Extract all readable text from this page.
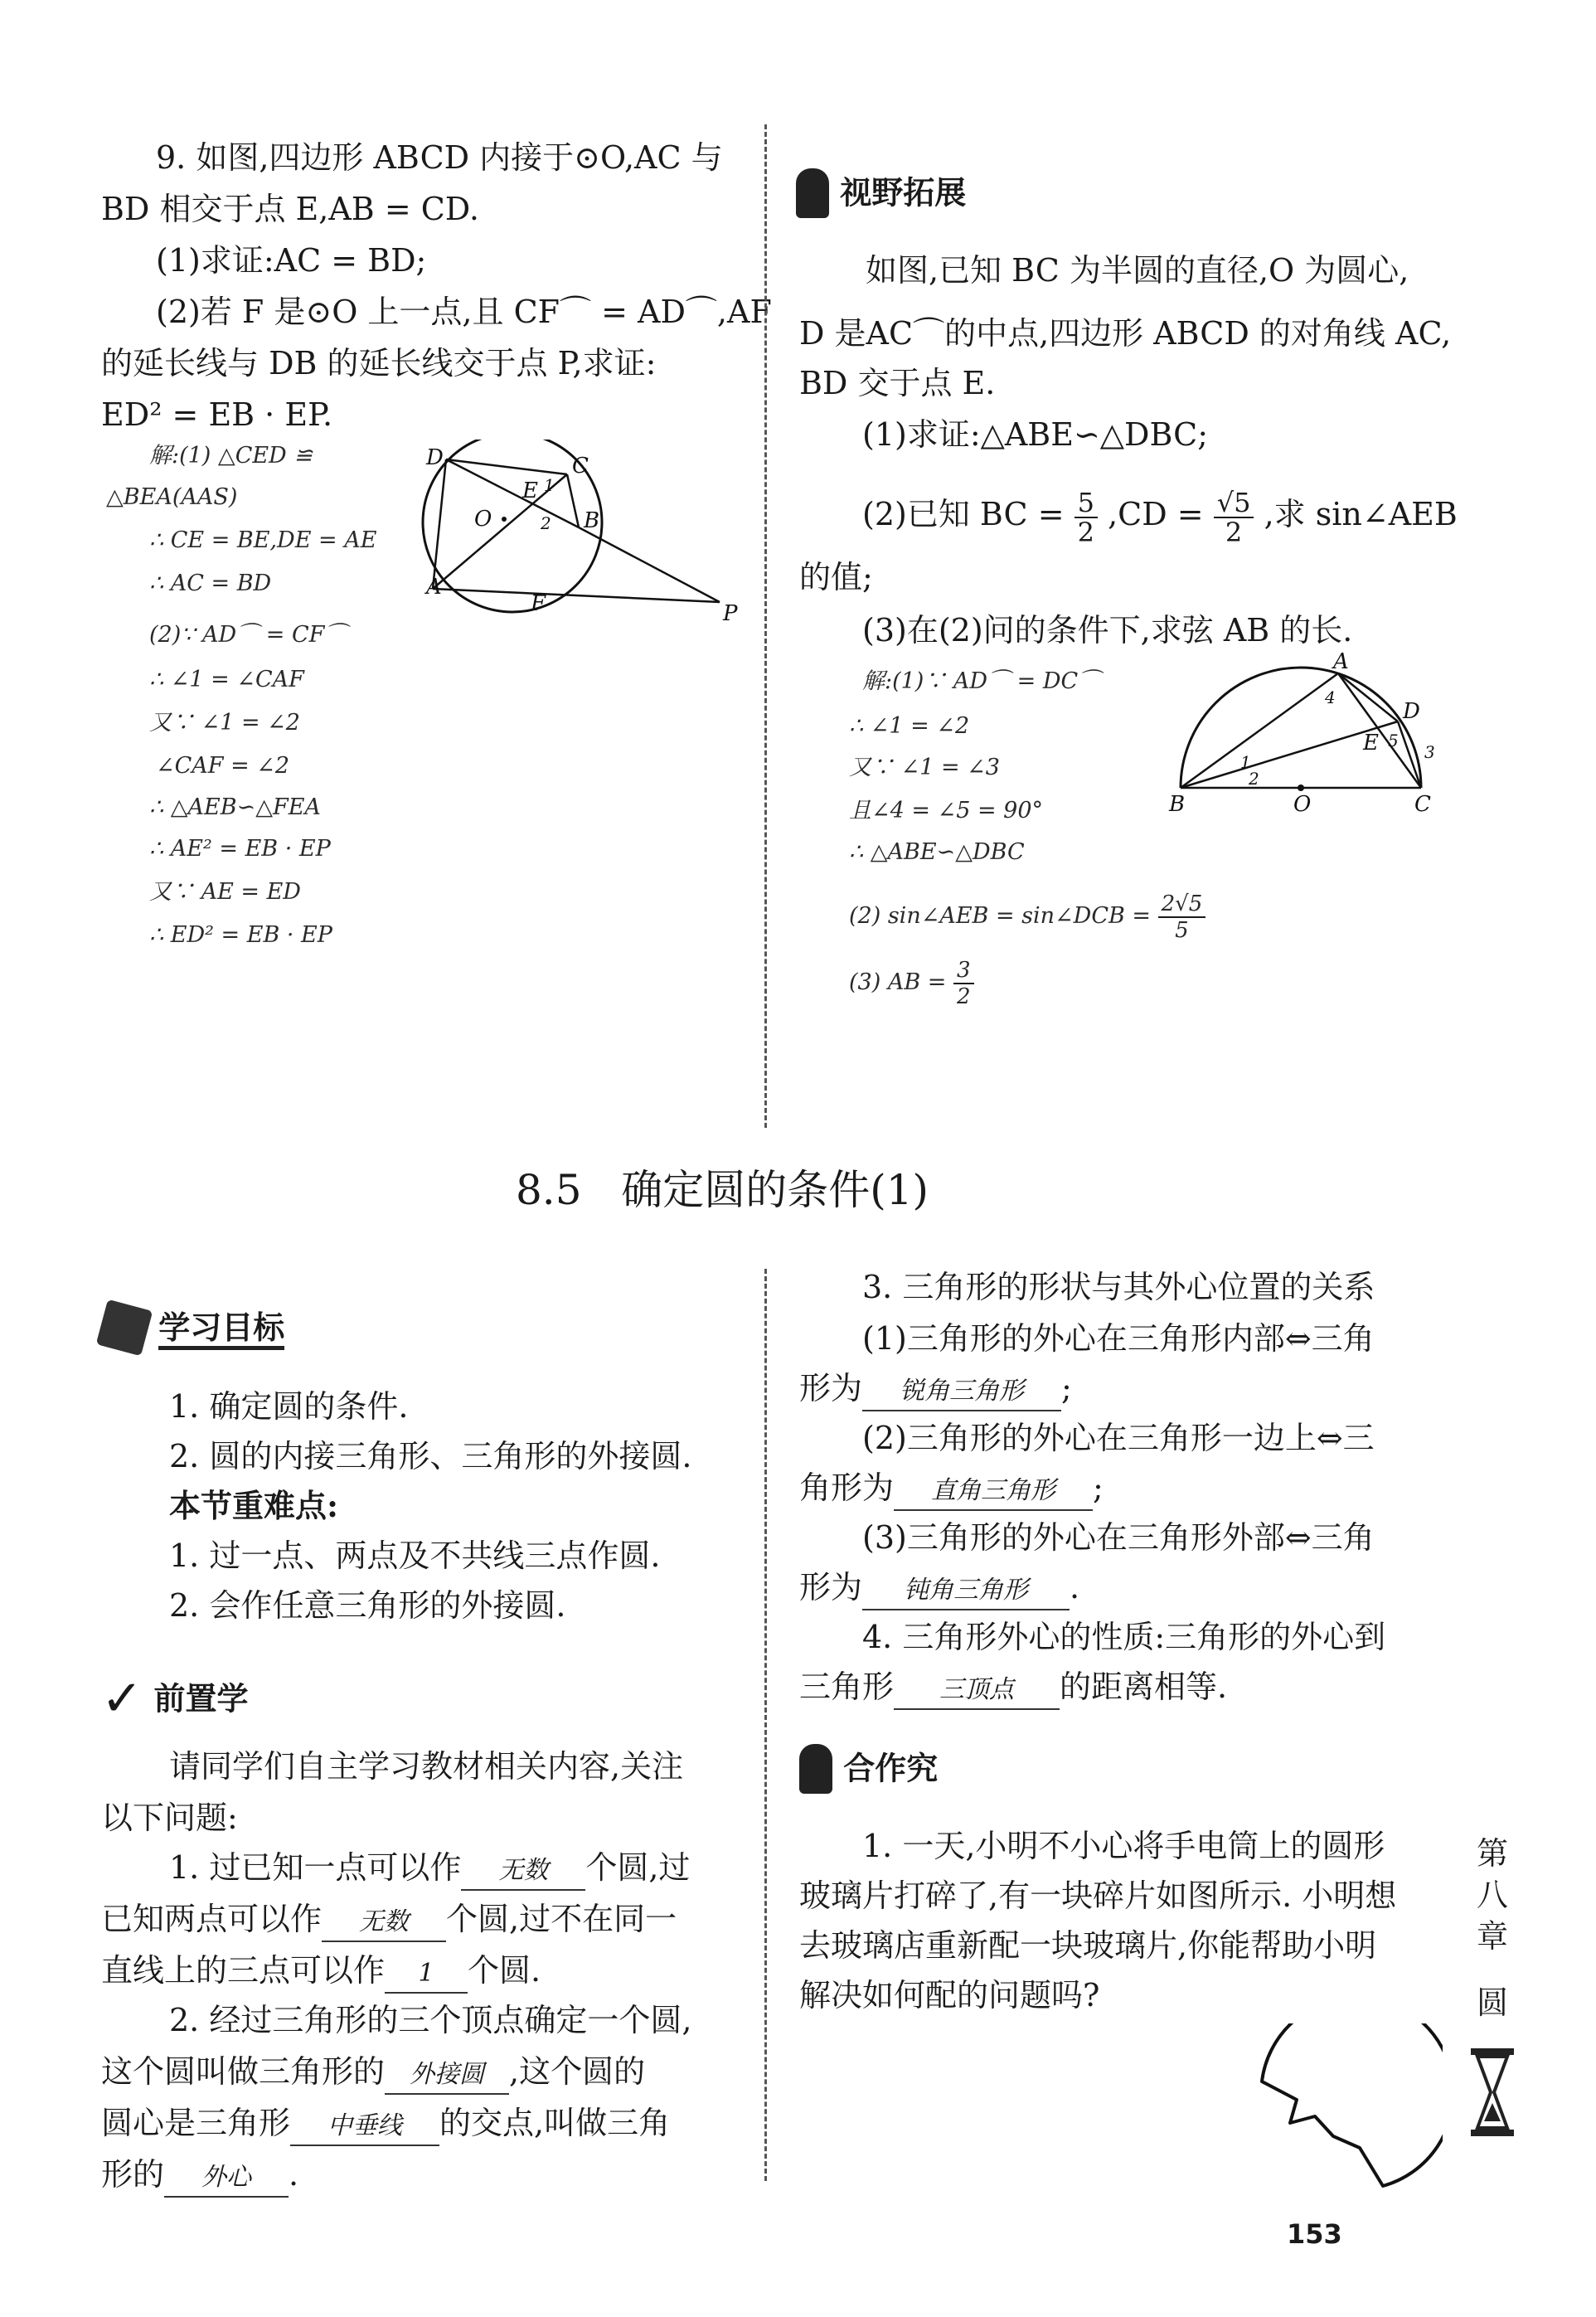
9. 如图,四边形 ABCD 内接于⊙O,AC 与
BD 相交于点 E,AB = CD.
(1)求证:AC = BD;
(2)若 F 是⊙O 上一点,且 CF⌒ = AD⌒,AF
的延长线与 DB 的延长线交于点 P,求证:
ED² = EB · EP.
解:(1) △CED ≌
△BEA(AAS)
∴ CE = BE,DE = AE
∴ AC = BD
(2)∵ AD⌒ = CF⌒
∴ ∠1 = ∠CAF
又∵ ∠1 = ∠2
∠CAF = ∠2
∴ △AEB∽△FEA
∴ AE² = EB · EP
又∵ AE = ED
∴ ED² = EB · EP
D	C
E 1
O	2 B
A
F	P
视野拓展
如图,已知 BC 为半圆的直径,O 为圆心,
D 是AC⌒的中点,四边形 ABCD 的对角线 AC,
BD 交于点 E.
(1)求证:△ABE∽△DBC;
(2)已知 BC = $\frac{5}{2} ,CD = \frac{√5}{2}$ ,求 sin∠AEB
的值;
(3)在(2)问的条件下,求弦 AB 的长.
解:(1)∵ AD⌒ = DC⌒
∴ ∠1 = ∠2
又∵ ∠1 = ∠3
且∠4 = ∠5 = 90°
∴ △ABE∽△DBC
(2) sin∠AEB = sin∠DCB = $\frac{2√5}{5}$
(3) AB = $\frac{3}{2}$
A
4
D
E 5
3
1
2
B	O	C
8.5   确定圆的条件(1)
学习目标
1. 确定圆的条件.
2. 圆的内接三角形、三角形的外接圆.
本节重难点:
1. 过一点、两点及不共线三点作圆.
2. 会作任意三角形的外接圆.
✓ 前置学
请同学们自主学习教材相关内容,关注
以下问题:
1. 过已知一点可以作 无数 个圆,过
已知两点可以作 无数 个圆,过不在同一
直线上的三点可以作 1 个圆.
2. 经过三角形的三个顶点确定一个圆,
这个圆叫做三角形的 外接圆 ,这个圆的
圆心是三角形 中垂线 的交点,叫做三角
形的 外心 .
3. 三角形的形状与其外心位置的关系
(1)三角形的外心在三角形内部⇔三角
形为 锐角三角形 ;
(2)三角形的外心在三角形一边上⇔三
角形为 直角三角形 ;
(3)三角形的外心在三角形外部⇔三角
形为 钝角三角形 .
4. 三角形外心的性质:三角形的外心到
三角形 三顶点 的距离相等.
合作究
1. 一天,小明不小心将手电筒上的圆形
玻璃片打碎了,有一块碎片如图所示. 小明想
去玻璃店重新配一块玻璃片,你能帮助小明
解决如何配的问题吗?
第
八
章
圆
153
